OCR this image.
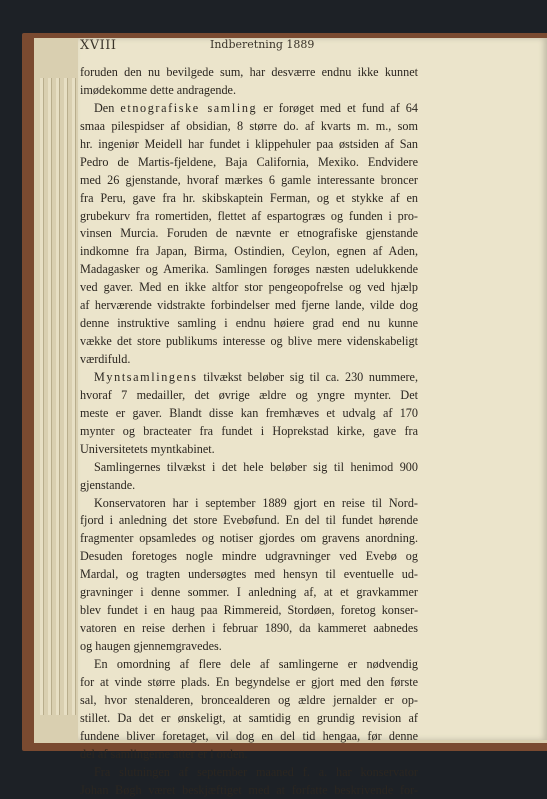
XVIII	Indberetning 1889
foruden den nu bevilgede sum, har desværre endnu ikke kunnet
imødekomme dette andragende.
Den etnografiske samling er forøget med et fund af 64
smaa pilespidser af obsidian, 8 større do. af kvarts m. m., som
hr. ingeniør Meidell har fundet i klippehuler paa østsiden af San
Pedro de Martis-fjeldene, Baja California, Mexiko. Endvidere
med 26 gjenstande, hvoraf mærkes 6 gamle interessante broncer
fra Peru, gave fra hr. skibskaptein Ferman, og et stykke af en
grubekurv fra romertiden, flettet af espartogræs og funden i pro-
vinsen Murcia. Foruden de nævnte er etnografiske gjenstande
indkomne fra Japan, Birma, Ostindien, Ceylon, egnen af Aden,
Madagasker og Amerika. Samlingen forøges næsten udelukkende
ved gaver. Med en ikke altfor stor pengeopofrelse og ved hjælp
af herværende vidstrakte forbindelser med fjerne lande, vilde dog
denne instruktive samling i endnu høiere grad end nu kunne
vække det store publikums interesse og blive mere videnskabeligt
værdifuld.
Myntsamlingens tilvækst beløber sig til ca. 230 nummere,
hvoraf 7 medailler, det øvrige ældre og yngre mynter. Det
meste er gaver. Blandt disse kan fremhæves et udvalg af 170
mynter og bracteater fra fundet i Hoprekstad kirke, gave fra
Universitetets myntkabinet.
Samlingernes tilvækst i det hele beløber sig til henimod 900
gjenstande.
Konservatoren har i september 1889 gjort en reise til Nord-
fjord i anledning det store Evebøfund. En del til fundet hørende
fragmenter opsamledes og notiser gjordes om gravens anordning.
Desuden foretoges nogle mindre udgravninger ved Evebø og
Mardal, og tragten undersøgtes med hensyn til eventuelle ud-
gravninger i denne sommer. I anledning af, at et gravkammer
blev fundet i en haug paa Rimmereid, Stordøen, foretog konser-
vatoren en reise derhen i februar 1890, da kammeret aabnedes
og haugen gjennemgravedes.
En omordning af flere dele af samlingerne er nødvendig
for at vinde større plads. En begyndelse er gjort med den første
sal, hvor stenalderen, broncealderen og ældre jernalder er op-
stillet. Da det er ønskeligt, at samtidig en grundig revision af
fundene bliver foretaget, vil dog en del tid hengaa, før denne
del af samlingerne atter er i orden.
Fra slutningen af september maaned f. a. har konservator
Johan Bøgh været beskjæftiget med at forfatte beskrivende for-
